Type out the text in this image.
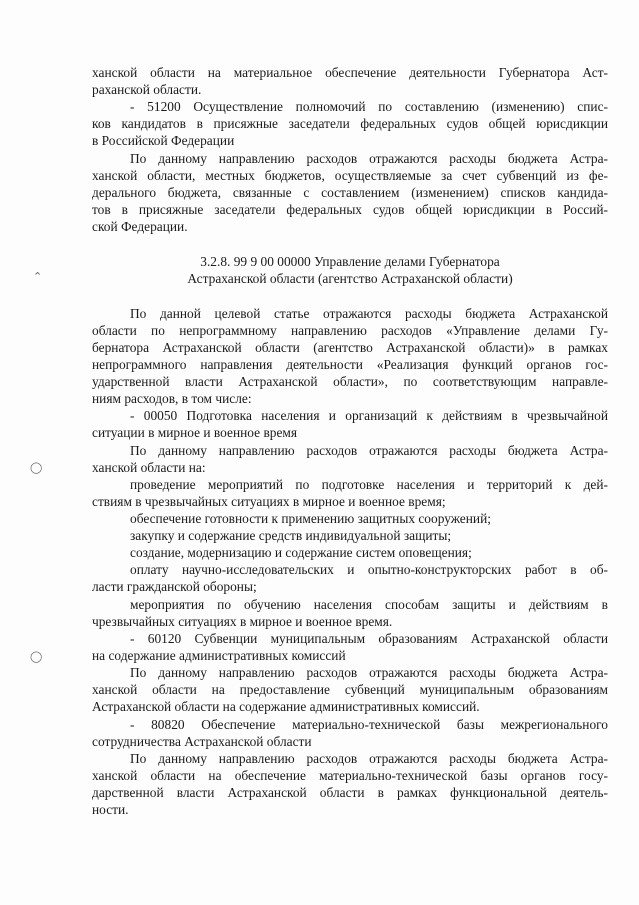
⌃
◯
◯
ханской области на материальное обеспечение деятельности Губернатора Аст-
раханской области.
- 51200 Осуществление полномочий по составлению (изменению) спис-
ков кандидатов в присяжные заседатели федеральных судов общей юрисдикции
в Российской Федерации
По данному направлению расходов отражаются расходы бюджета Астра-
ханской области, местных бюджетов, осуществляемые за счет субвенций из фе-
дерального бюджета, связанные с составлением (изменением) списков кандида-
тов в присяжные заседатели федеральных судов общей юрисдикции в Россий-
ской Федерации.
3.2.8. 99 9 00 00000 Управление делами Губернатора
Астраханской области (агентство Астраханской области)
По данной целевой статье отражаются расходы бюджета Астраханской
области по непрограммному направлению расходов «Управление делами Гу-
бернатора Астраханской области (агентство Астраханской области)» в рамках
непрограммного направления деятельности «Реализация функций органов гос-
ударственной власти Астраханской области», по соответствующим направле-
ниям расходов, в том числе:
- 00050 Подготовка населения и организаций к действиям в чрезвычайной
ситуации в мирное и военное время
По данному направлению расходов отражаются расходы бюджета Астра-
ханской области на:
проведение мероприятий по подготовке населения и территорий к дей-
ствиям в чрезвычайных ситуациях в мирное и военное время;
обеспечение готовности к применению защитных сооружений;
закупку и содержание средств индивидуальной защиты;
создание, модернизацию и содержание систем оповещения;
оплату научно-исследовательских и опытно-конструкторских работ в об-
ласти гражданской обороны;
мероприятия по обучению населения способам защиты и действиям в
чрезвычайных ситуациях в мирное и военное время.
- 60120 Субвенции муниципальным образованиям Астраханской области
на содержание административных комиссий
По данному направлению расходов отражаются расходы бюджета Астра-
ханской области на предоставление субвенций муниципальным образованиям
Астраханской области на содержание административных комиссий.
- 80820 Обеспечение материально-технической базы межрегионального
сотрудничества Астраханской области
По данному направлению расходов отражаются расходы бюджета Астра-
ханской области на обеспечение материально-технической базы органов госу-
дарственной власти Астраханской области в рамках функциональной деятель-
ности.
